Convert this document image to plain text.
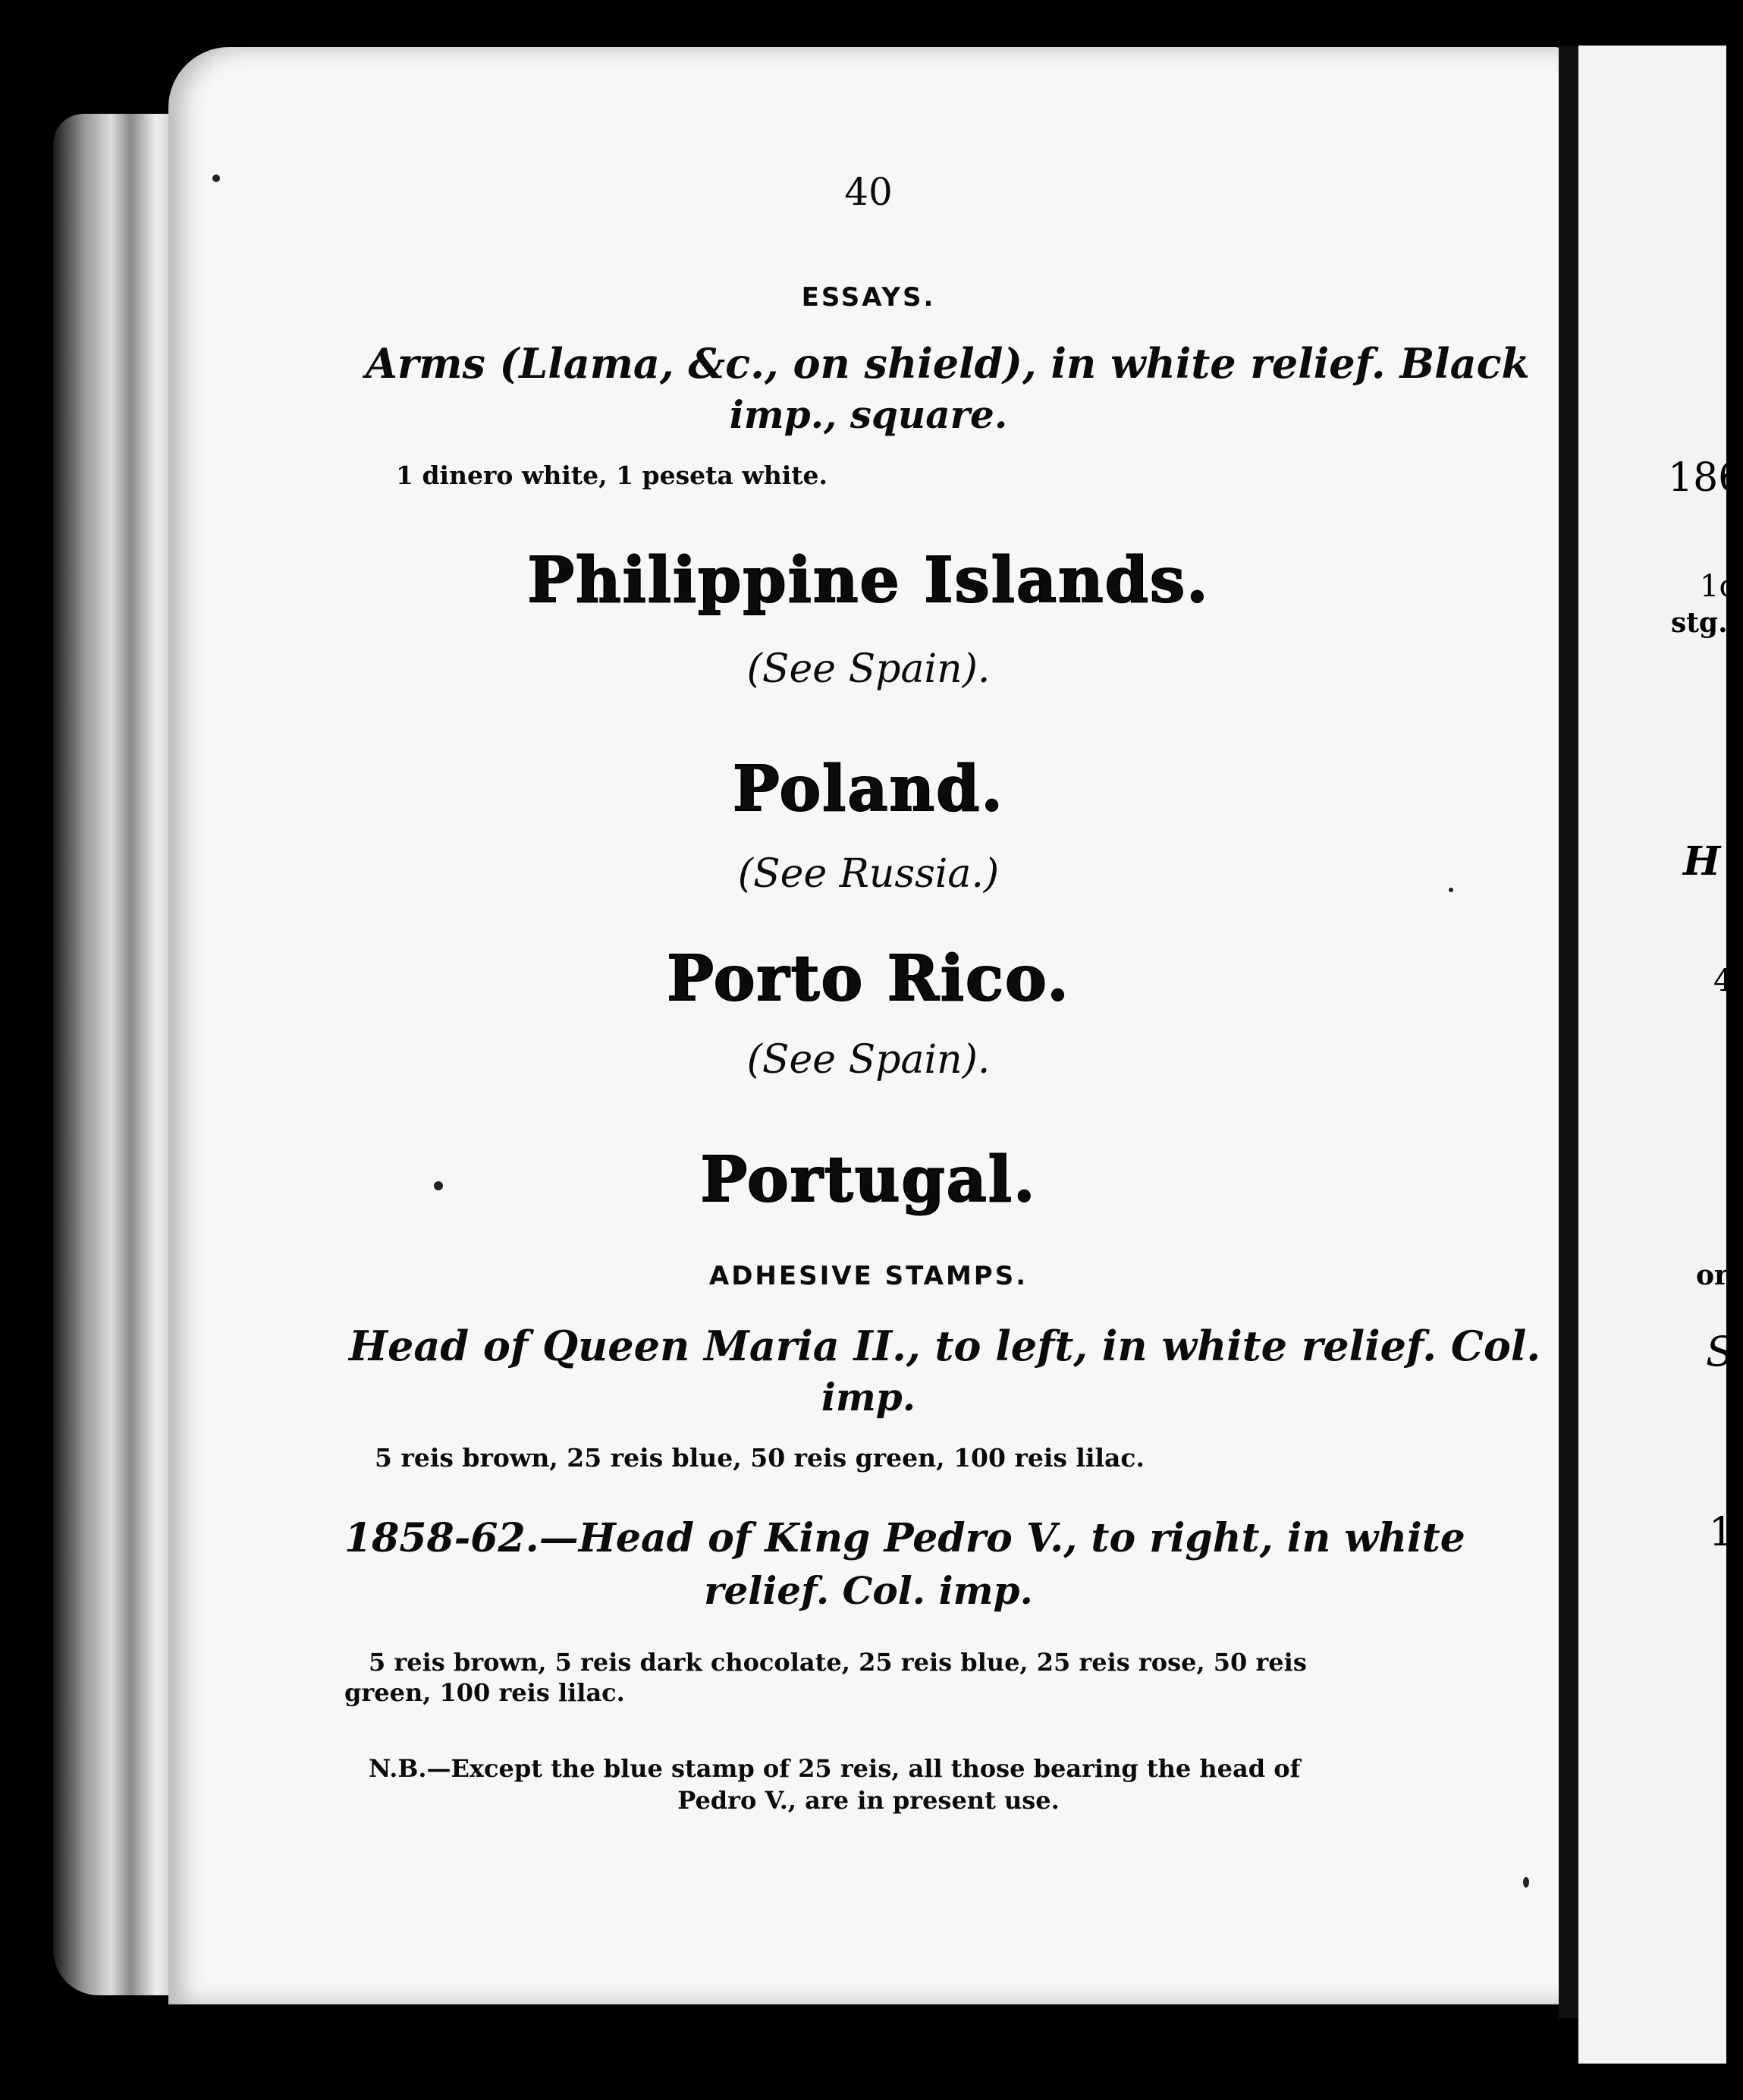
186
1c
stg.
H
4
or
S
1
40
ESSAYS.
Arms (Llama, &c., on shield), in white relief. Black
imp., square.
1 dinero white, 1 peseta white.
Philippine Islands.
(See Spain).
Poland.
(See Russia.)
Porto Rico.
(See Spain).
Portugal.
ADHESIVE STAMPS.
Head of Queen Maria II., to left, in white relief. Col.
imp.
5 reis brown, 25 reis blue, 50 reis green, 100 reis lilac.
1858-62.—Head of King Pedro V., to right, in white
relief. Col. imp.
5 reis brown, 5 reis dark chocolate, 25 reis blue, 25 reis rose, 50 reis
green, 100 reis lilac.
N.B.—Except the blue stamp of 25 reis, all those bearing the head of
Pedro V., are in present use.
